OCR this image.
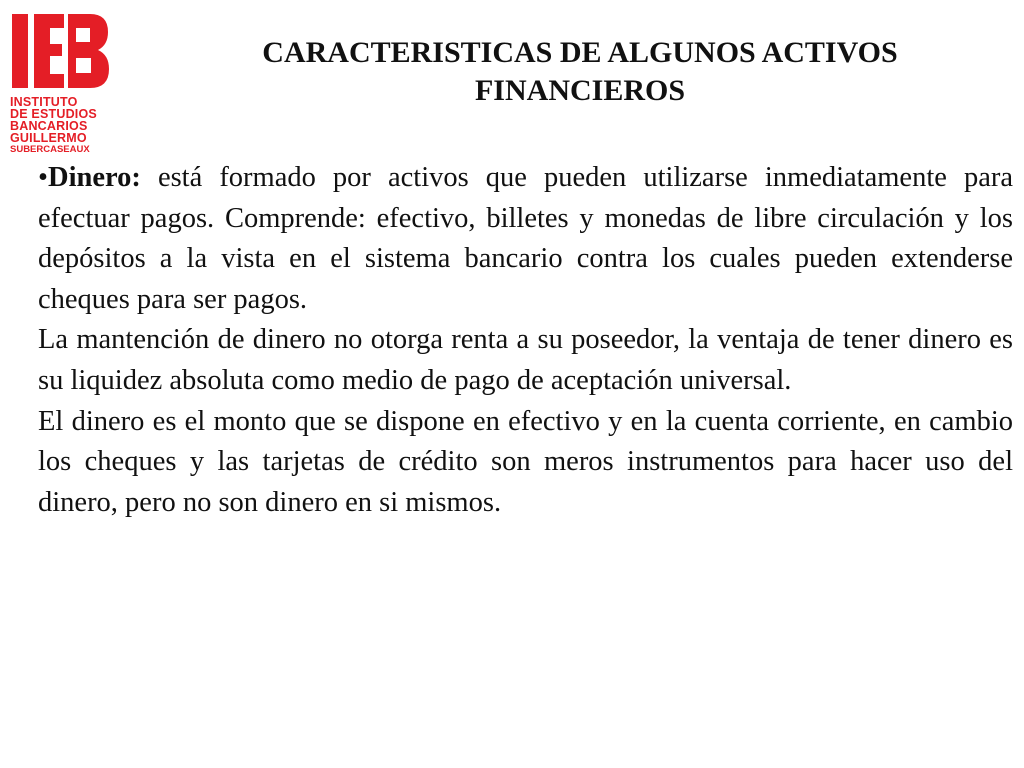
INSTITUTO
DE ESTUDIOS
BANCARIOS
GUILLERMO
SUBERCASEAUX
CARACTERISTICAS DE ALGUNOS ACTIVOS
FINANCIEROS

•Dinero: está formado por activos que pueden utilizarse inmediatamente para efectuar pagos. Comprende: efectivo, billetes y monedas de libre circulación y los depósitos a la vista en el sistema bancario contra los cuales pueden extenderse cheques para ser pagos.

La mantención de dinero no otorga renta a su poseedor, la ventaja de tener dinero es su liquidez absoluta como medio de pago de aceptación universal.

El dinero es el monto que se dispone en efectivo y en la cuenta corriente, en cambio los cheques y las tarjetas de crédito son meros instrumentos para hacer uso del dinero, pero no son dinero en si mismos.
